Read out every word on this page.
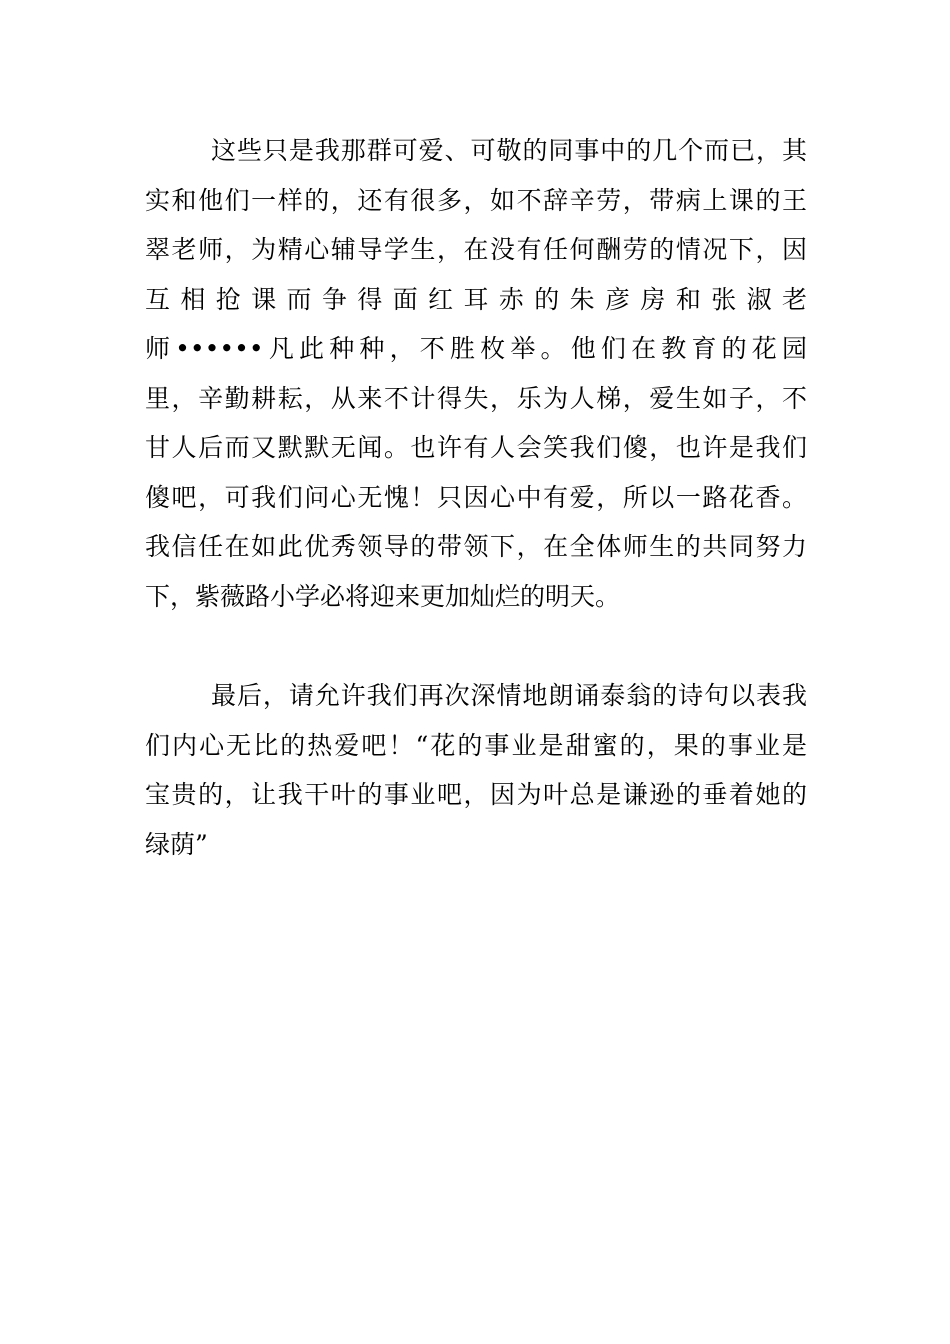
这些只是我那群可爱、可敬的同事中的几个而已，其
实和他们一样的，还有很多，如不辞辛劳，带病上课的王
翠老师，为精心辅导学生，在没有任何酬劳的情况下，因
互相抢课而争得面红耳赤的朱彦房和张淑老
师••••••凡此种种，不胜枚举。他们在教育的花园
里，辛勤耕耘，从来不计得失，乐为人梯，爱生如子，不
甘人后而又默默无闻。也许有人会笑我们傻，也许是我们
傻吧，可我们问心无愧！只因心中有爱，所以一路花香。
我信任在如此优秀领导的带领下，在全体师生的共同努力
下，紫薇路小学必将迎来更加灿烂的明天。
最后，请允许我们再次深情地朗诵泰翁的诗句以表我
们内心无比的热爱吧！“花的事业是甜蜜的，果的事业是
宝贵的，让我干叶的事业吧，因为叶总是谦逊的垂着她的
绿荫”
